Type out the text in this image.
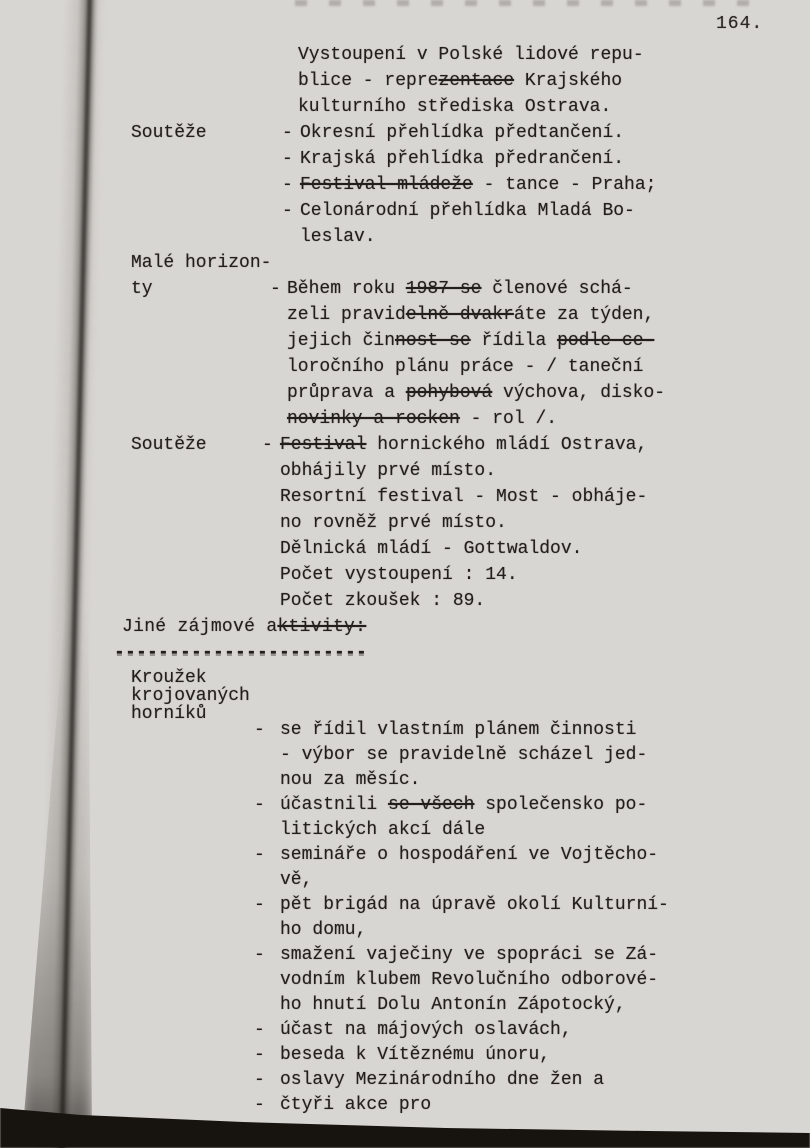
164.
Vystoupení v Polské lidové repu-
blice - reprezentace Krajského
kulturního střediska Ostrava.
Soutěže	Okresní přehlídka předtančení.
-
Krajská přehlídka předrančení.
-
Festival mládeže - tance - Praha;
-
Celonárodní přehlídka Mladá Bo-
-
leslav.
Malé horizon-
ty	Během roku 1987 se členové schá-
-
zeli pravidelně dvakráte za týden,
jejich činnost se řídila podle ce-
loročního plánu práce - / taneční
průprava a pohybová výchova, disko-
novinky a rocken - rol /.
Soutěže	Festival hornického mládí Ostrava,
-
obhájily prvé místo.
Resortní festival - Most - obháje-
no rovněž prvé místo.
Dělnická mládí - Gottwaldov.
Počet vystoupení : 14.
Počet zkoušek : 89.
Jiné zájmové aktivity:
-----------------------
Kroužek
krojovaných
horníků
se řídil vlastním plánem činnosti
-
- výbor se pravidelně scházel jed-
nou za měsíc.
účastnili se všech společensko po-
-
litických akcí dále
semináře o hospodáření ve Vojtěcho-
-
vě,
pět brigád na úpravě okolí Kulturní-
-
ho domu,
smažení vaječiny ve spopráci se Zá-
-
vodním klubem Revolučního odborové-
ho hnutí Dolu Antonín Zápotocký,
účast na májových oslavách,
-
beseda k Vítěznému únoru,
-
oslavy Mezinárodního dne žen a
-
čtyři akce pro
-
